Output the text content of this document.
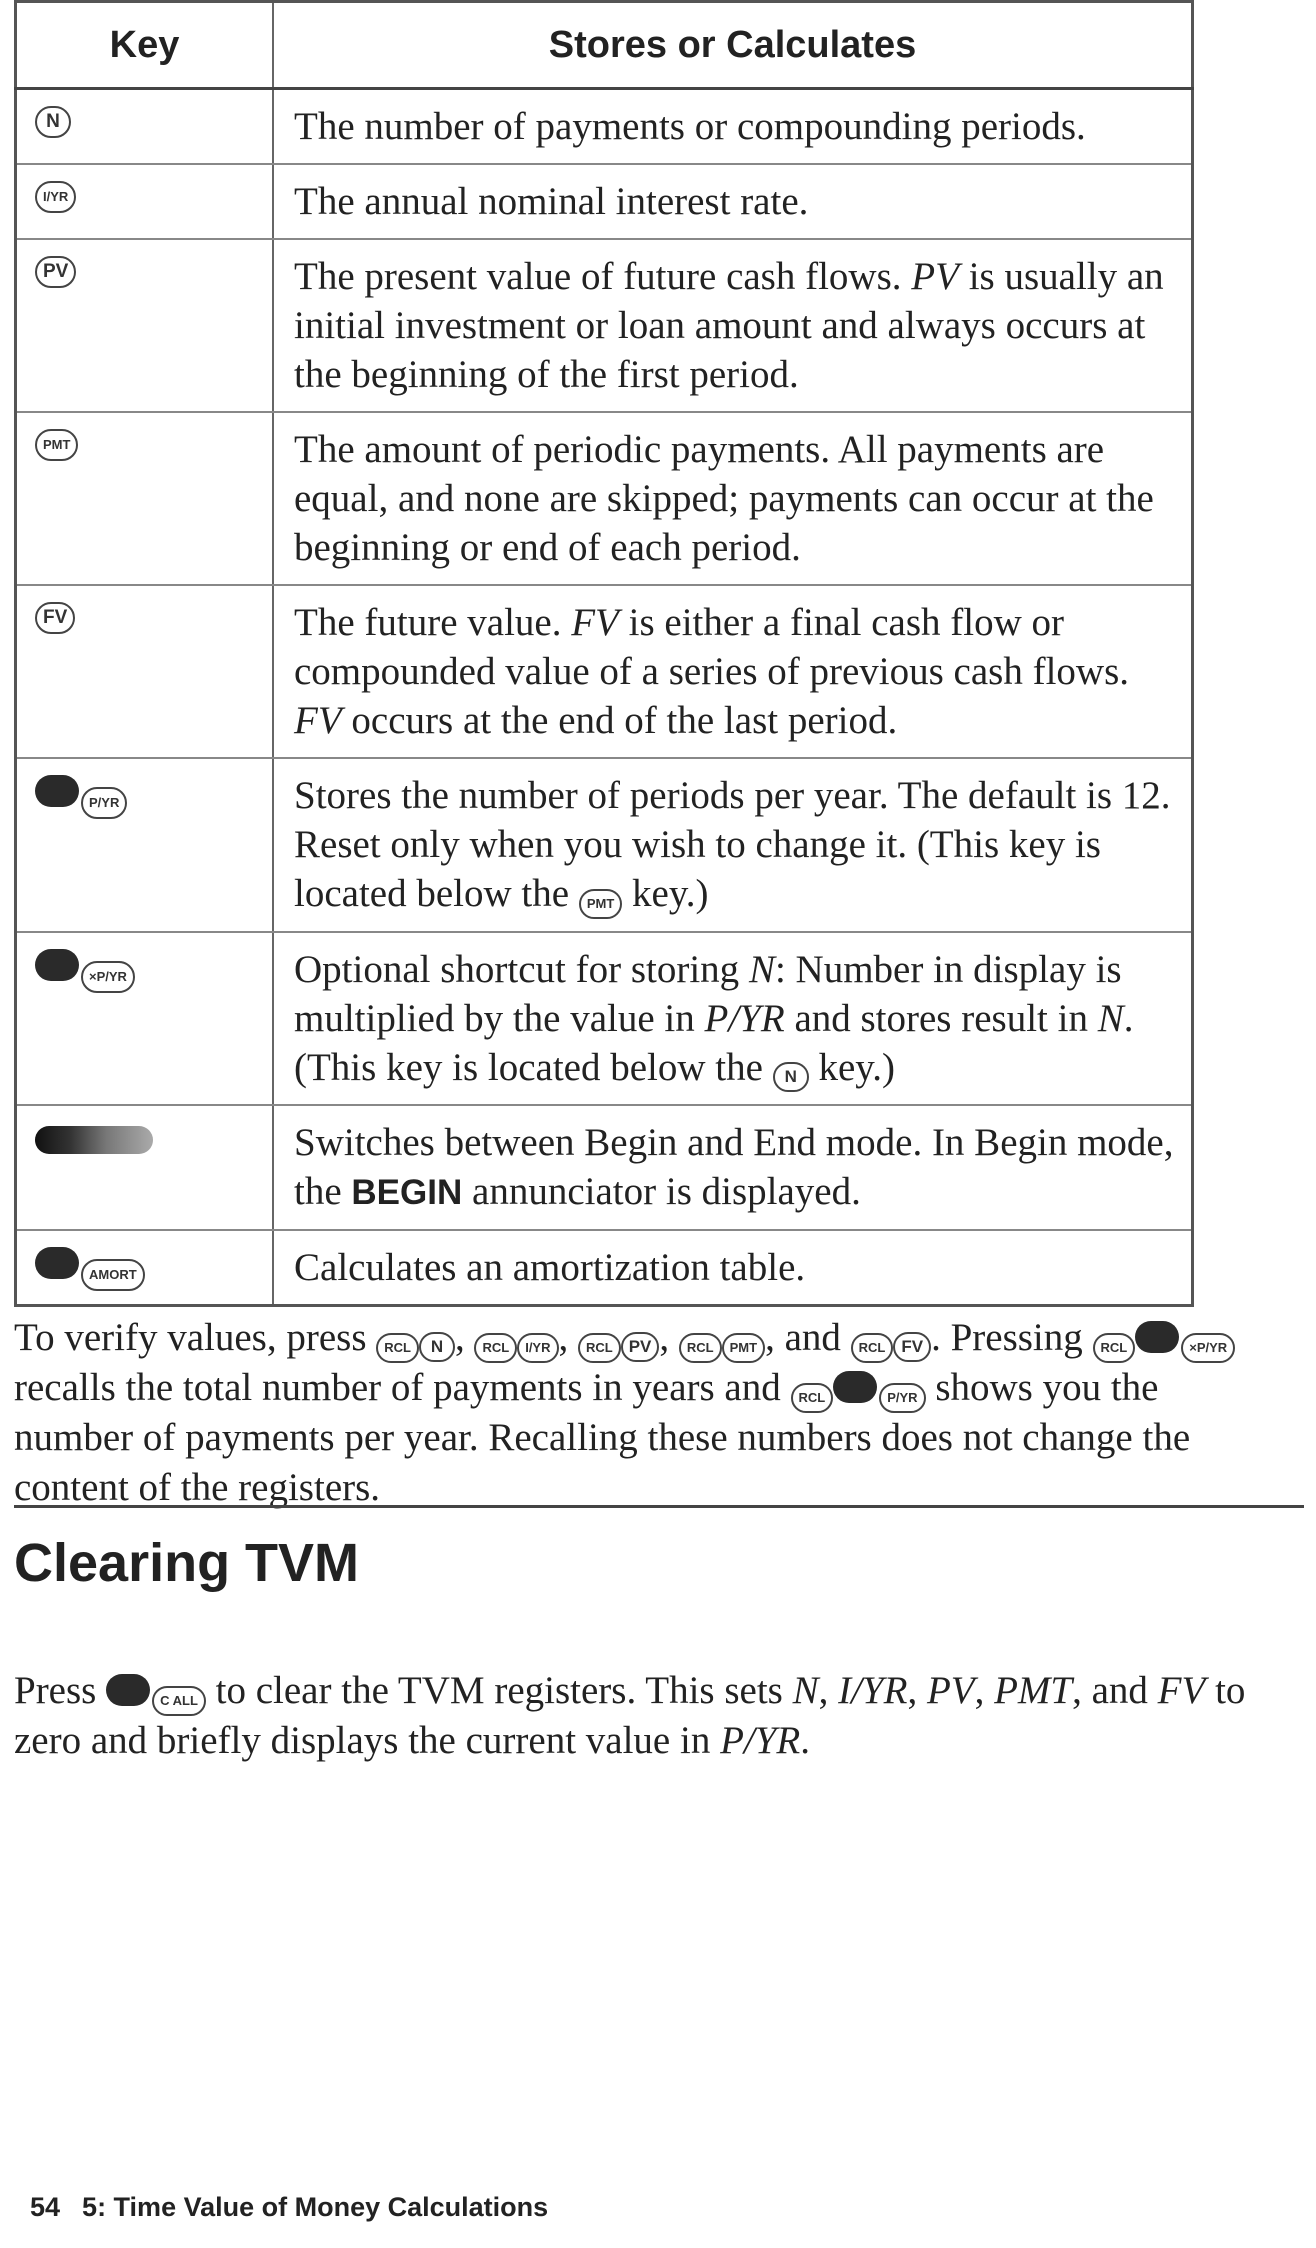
Key	Stores or Calculates
N	The number of payments or compounding periods.
I/YR	The annual nominal interest rate.
PV	The present value of future cash flows. PV is usually an initial investment or loan amount and always occurs at the beginning of the first period.
PMT	The amount of periodic payments. All payments are equal, and none are skipped; payments can occur at the beginning or end of each period.
FV	The future value. FV is either a final cash flow or compounded value of a series of previous cash flows. FV occurs at the end of the last period.
P/YR	Stores the number of periods per year. The default is 12. Reset only when you wish to change it. (This key is located below the PMT key.)
×P/YR	Optional shortcut for storing N: Number in display is multiplied by the value in P/YR and stores result in N. (This key is located below the N key.)
	Switches between Begin and End mode. In Begin mode, the BEGIN annunciator is displayed.
AMORT	Calculates an amortization table.

To verify values, press RCL N , RCL I/YR , RCL PV , RCL PMT , and RCL FV . Pressing RCL	×P/YR recalls the total number of payments in years and RCL	P/YR shows you the number of payments per year. Recalling these numbers does not change the content of the registers.

Clearing TVM

Press	C ALL to clear the TVM registers. This sets N, I/YR, PV, PMT, and FV to zero and briefly displays the current value in P/YR.

54 5: Time Value of Money Calculations
